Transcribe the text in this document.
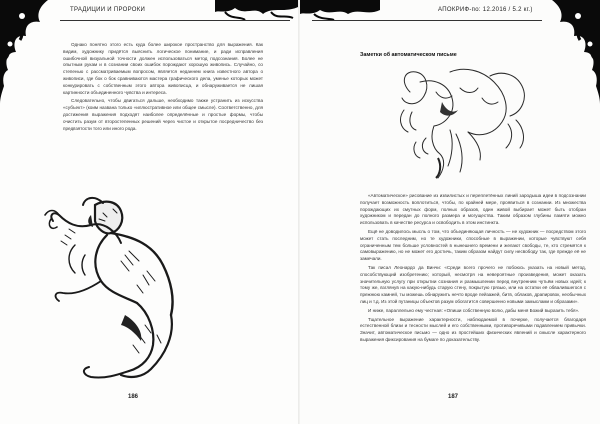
ТРАДИЦИИ И ПРОРОКИ

Однако понятно этого есть куда более широкое пространство для выражения. Как видим, художнику придётся выяснить логическое понимание, и ради исправления ошибочной визуальной точности должен использоваться метод подсознания. Более не опытным рукам и в сознании своих ошибок порождают хорошую живопись. Случайно, со степенью с рассматриваемым вопросом, является неданнем книга известного автора о живописи, где бок о бок сравниваются мастера графического дела, уменье которых может конкурировать с собственным этого автора живописца, и обнаруживается не лишая картинности объединенного чувства и интереса.

Следовательно, чтобы двигаться дальше, необходимо также устранить из искусства «субъект» (коим названа только «иллюстративное или общее смысле). Соответственно, для достижения выражения подходят наиболее определённые и простые формы, чтобы очистить разум от второстепенных решений через чистое и открытое посредничество без предвзятости того или иного рода.

186
АПОКРИФ-по: 12.2016 / 5.2 кг.)
Заметки об автоматическом письме

«Автоматическое» рисование из извилистых и переплетённых линий зародыша идеи в подсознании получает возможность воплотиться, чтобы, по крайней мере, проявиться в сознании. Из множества порождающих их смутных форм, полных образов, один живой выбирает может быть отобран художником и передан до полного размера и могущества. Таким образом глубины памяти можно использовать в качестве ресурса и освободить в этом инстинкта.

Ещё не доводилось мысль о том, что объединяющая личность — не художник — посредством этого может стать последним, но те художники, способные в выражении, которые чувствуют себя ограниченным тем больше условностей в нынешнего времени и желают свободы, те, кто стремятся к самовыражению, но не может его достичь, таким образом найдут силу несвободу так, где прежде её не замечали.

Так писал Леонардо да Винчи: «Среди всего прочего не побоюсь указать на новый метод, способствующий изобретению; который, несмотря на невероятные произведения, может оказать значительную услугу при открытии сознания и размышлении перед внутренним чутьём новых идей; к тому же, взглянув на какую-нибудь старую стену, покрытую грязью, или на остатки её обвалившегося с прежнюю камней, ты можешь обнаружить нечто вроде пейзажей, битв, облаков, драпировок, необычных лиц и т.д. Из этой путаницы объектов разум обогатится совершенно новыми замыслами и образами».

И ниже, параллельно ему честная: «Опиши собственную волю, дабы меня Божий выразить тебя».

Тщательное выражение характерности, наблюдаемой в почерке, получается благодаря естественной близи и тесности мыслей и его собственными, противоречивыми подавлением привычки. Значит, автоматическое письмо — одно из простейших физических явлений и смысле характерного выражения фиксирования на бумаге по доказательству.

187
